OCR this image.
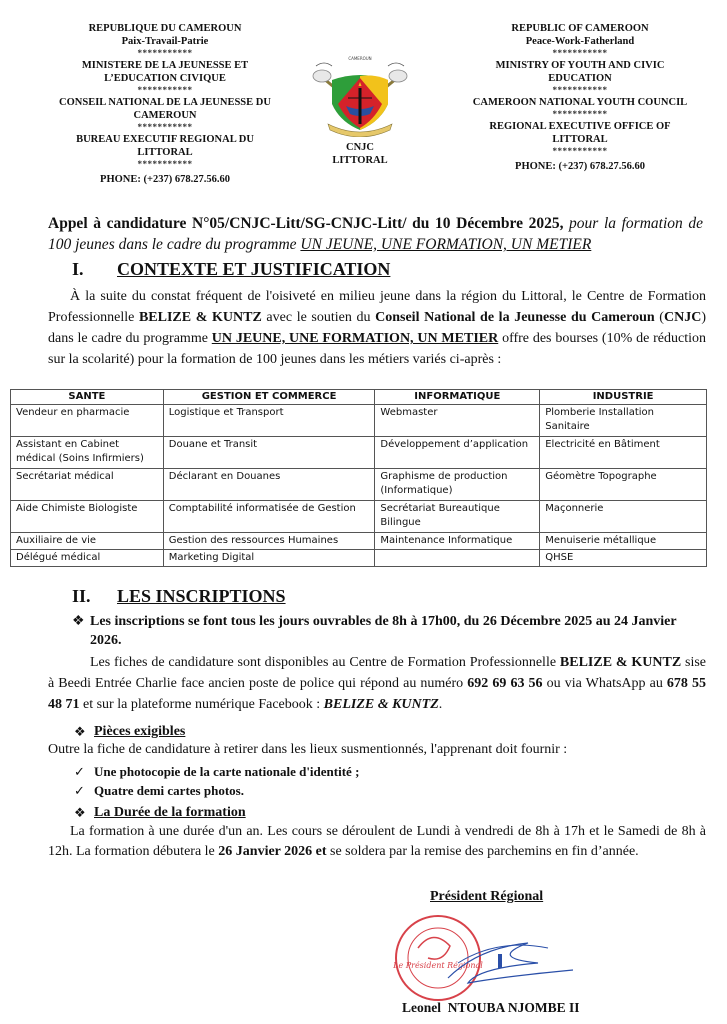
REPUBLIQUE DU CAMEROUN
Paix-Travail-Patrie
***********
MINISTERE DE LA JEUNESSE ET
L’EDUCATION CIVIQUE
***********
CONSEIL NATIONAL DE LA JEUNESSE DU
CAMEROUN
***********
BUREAU EXECUTIF REGIONAL DU
LITTORAL
***********
PHONE: (+237) 678.27.56.60
CAMEROUN
CNJC
LITTORAL
REPUBLIC OF CAMEROON
Peace-Work-Fatherland
***********
MINISTRY OF YOUTH AND CIVIC
EDUCATION
***********
CAMEROON NATIONAL YOUTH COUNCIL
***********
REGIONAL EXECUTIVE OFFICE OF
LITTORAL
***********
PHONE: (+237) 678.27.56.60
Appel à candidature N°05/CNJC-Litt/SG-CNJC-Litt/ du 10 Décembre 2025, pour la formation de 100 jeunes dans le cadre du programme UN JEUNE, UNE FORMATION, UN METIER
I. CONTEXTE ET JUSTIFICATION
À la suite du constat fréquent de l'oisiveté en milieu jeune dans la région du Littoral, le Centre de Formation Professionnelle BELIZE & KUNTZ avec le soutien du Conseil National de la Jeunesse du Cameroun (CNJC) dans le cadre du programme UN JEUNE, UNE FORMATION, UN METIER offre des bourses (10% de réduction sur la scolarité) pour la formation de 100 jeunes dans les métiers variés ci-après :
SANTE	GESTION ET COMMERCE	INFORMATIQUE	INDUSTRIE
Vendeur en pharmacie	Logistique et Transport	Webmaster	Plomberie Installation Sanitaire
Assistant en Cabinet médical (Soins Infirmiers)	Douane et Transit	Développement d’application	Electricité en Bâtiment
Secrétariat médical	Déclarant en Douanes	Graphisme de production (Informatique)	Géomètre Topographe
Aide Chimiste Biologiste	Comptabilité informatisée de Gestion	Secrétariat Bureautique Bilingue	Maçonnerie
Auxiliaire de vie	Gestion des ressources Humaines	Maintenance Informatique	Menuiserie métallique
Délégué médical	Marketing Digital		QHSE
II. LES INSCRIPTIONS
❖ Les inscriptions se font tous les jours ouvrables de 8h à 17h00, du 26 Décembre 2025 au 24 Janvier 2026.
Les fiches de candidature sont disponibles au Centre de Formation Professionnelle BELIZE & KUNTZ sise à Beedi Entrée Charlie face ancien poste de police qui répond au numéro 692 69 63 56 ou via WhatsApp au 678 55 48 71 et sur la plateforme numérique Facebook : BELIZE & KUNTZ.
❖ Pièces exigibles
Outre la fiche de candidature à retirer dans les lieux susmentionnés, l'apprenant doit fournir :
✓ Une photocopie de la carte nationale d'identité ;
✓ Quatre demi cartes photos.
❖ La Durée de la formation
La formation à une durée d'un an. Les cours se déroulent de Lundi à vendredi de 8h à 17h et le Samedi de 8h à 12h. La formation débutera le 26 Janvier 2026 et se soldera par la remise des parchemins en fin d’année.
Président Régional
Le Président Régional
Leonel  NTOUBA NJOMBE II
